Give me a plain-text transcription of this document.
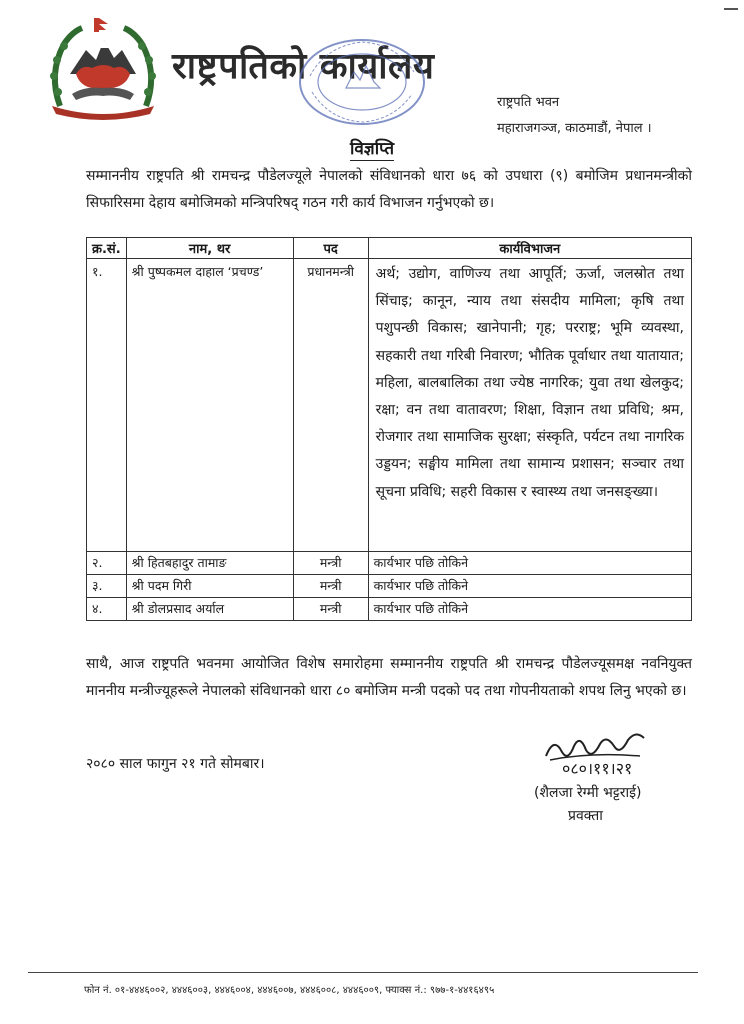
· · · · · · · ·
राष्ट्रपतिको कार्यालय
राष्ट्रपति भवन
महाराजगञ्ज, काठमाडौं, नेपाल ।
विज्ञप्ति
सम्माननीय राष्ट्रपति श्री रामचन्द्र पौडेलज्यूले नेपालको संविधानको धारा ७६ को उपधारा (९) बमोजिम प्रधानमन्त्रीको सिफारिसमा देहाय बमोजिमको मन्त्रिपरिषद् गठन गरी कार्य विभाजन गर्नुभएको छ।
क्र.सं.	नाम, थर	पद	कार्यविभाजन
१.	श्री पुष्पकमल दाहाल ‘प्रचण्ड’	प्रधानमन्त्री	अर्थ; उद्योग, वाणिज्य तथा आपूर्ति; ऊर्जा, जलस्रोत तथा सिंचाइ; कानून, न्याय तथा संसदीय मामिला; कृषि तथा पशुपन्छी विकास; खानेपानी; गृह; परराष्ट्र; भूमि व्यवस्था, सहकारी तथा गरिबी निवारण; भौतिक पूर्वाधार तथा यातायात; महिला, बालबालिका तथा ज्येष्ठ नागरिक; युवा तथा खेलकुद; रक्षा; वन तथा वातावरण; शिक्षा, विज्ञान तथा प्रविधि; श्रम, रोजगार तथा सामाजिक सुरक्षा; संस्कृति, पर्यटन तथा नागरिक उड्डयन; सङ्घीय मामिला तथा सामान्य प्रशासन; सञ्चार तथा सूचना प्रविधि; सहरी विकास र स्वास्थ्य तथा जनसङ्ख्या।
२.	श्री हितबहादुर तामाङ	मन्त्री	कार्यभार पछि तोकिने
३.	श्री पदम गिरी	मन्त्री	कार्यभार पछि तोकिने
४.	श्री डोलप्रसाद अर्याल	मन्त्री	कार्यभार पछि तोकिने
साथै, आज राष्ट्रपति भवनमा आयोजित विशेष समारोहमा सम्माननीय राष्ट्रपति श्री रामचन्द्र पौडेलज्यूसमक्ष नवनियुक्त माननीय मन्त्रीज्यूहरूले नेपालको संविधानको धारा ८० बमोजिम मन्त्री पदको पद तथा गोपनीयताको शपथ लिनु भएको छ।
२०८० साल फागुन २१ गते सोमबार।	०८०।११।२१
(शैलजा रेग्मी भट्टराई)
प्रवक्ता
फोन नं. ०१-४४४६००२, ४४४६००३, ४४४६००४, ४४४६००७, ४४४६००८, ४४४६००९, फ्याक्स नं.: ९७७-१-४४१६४९५
